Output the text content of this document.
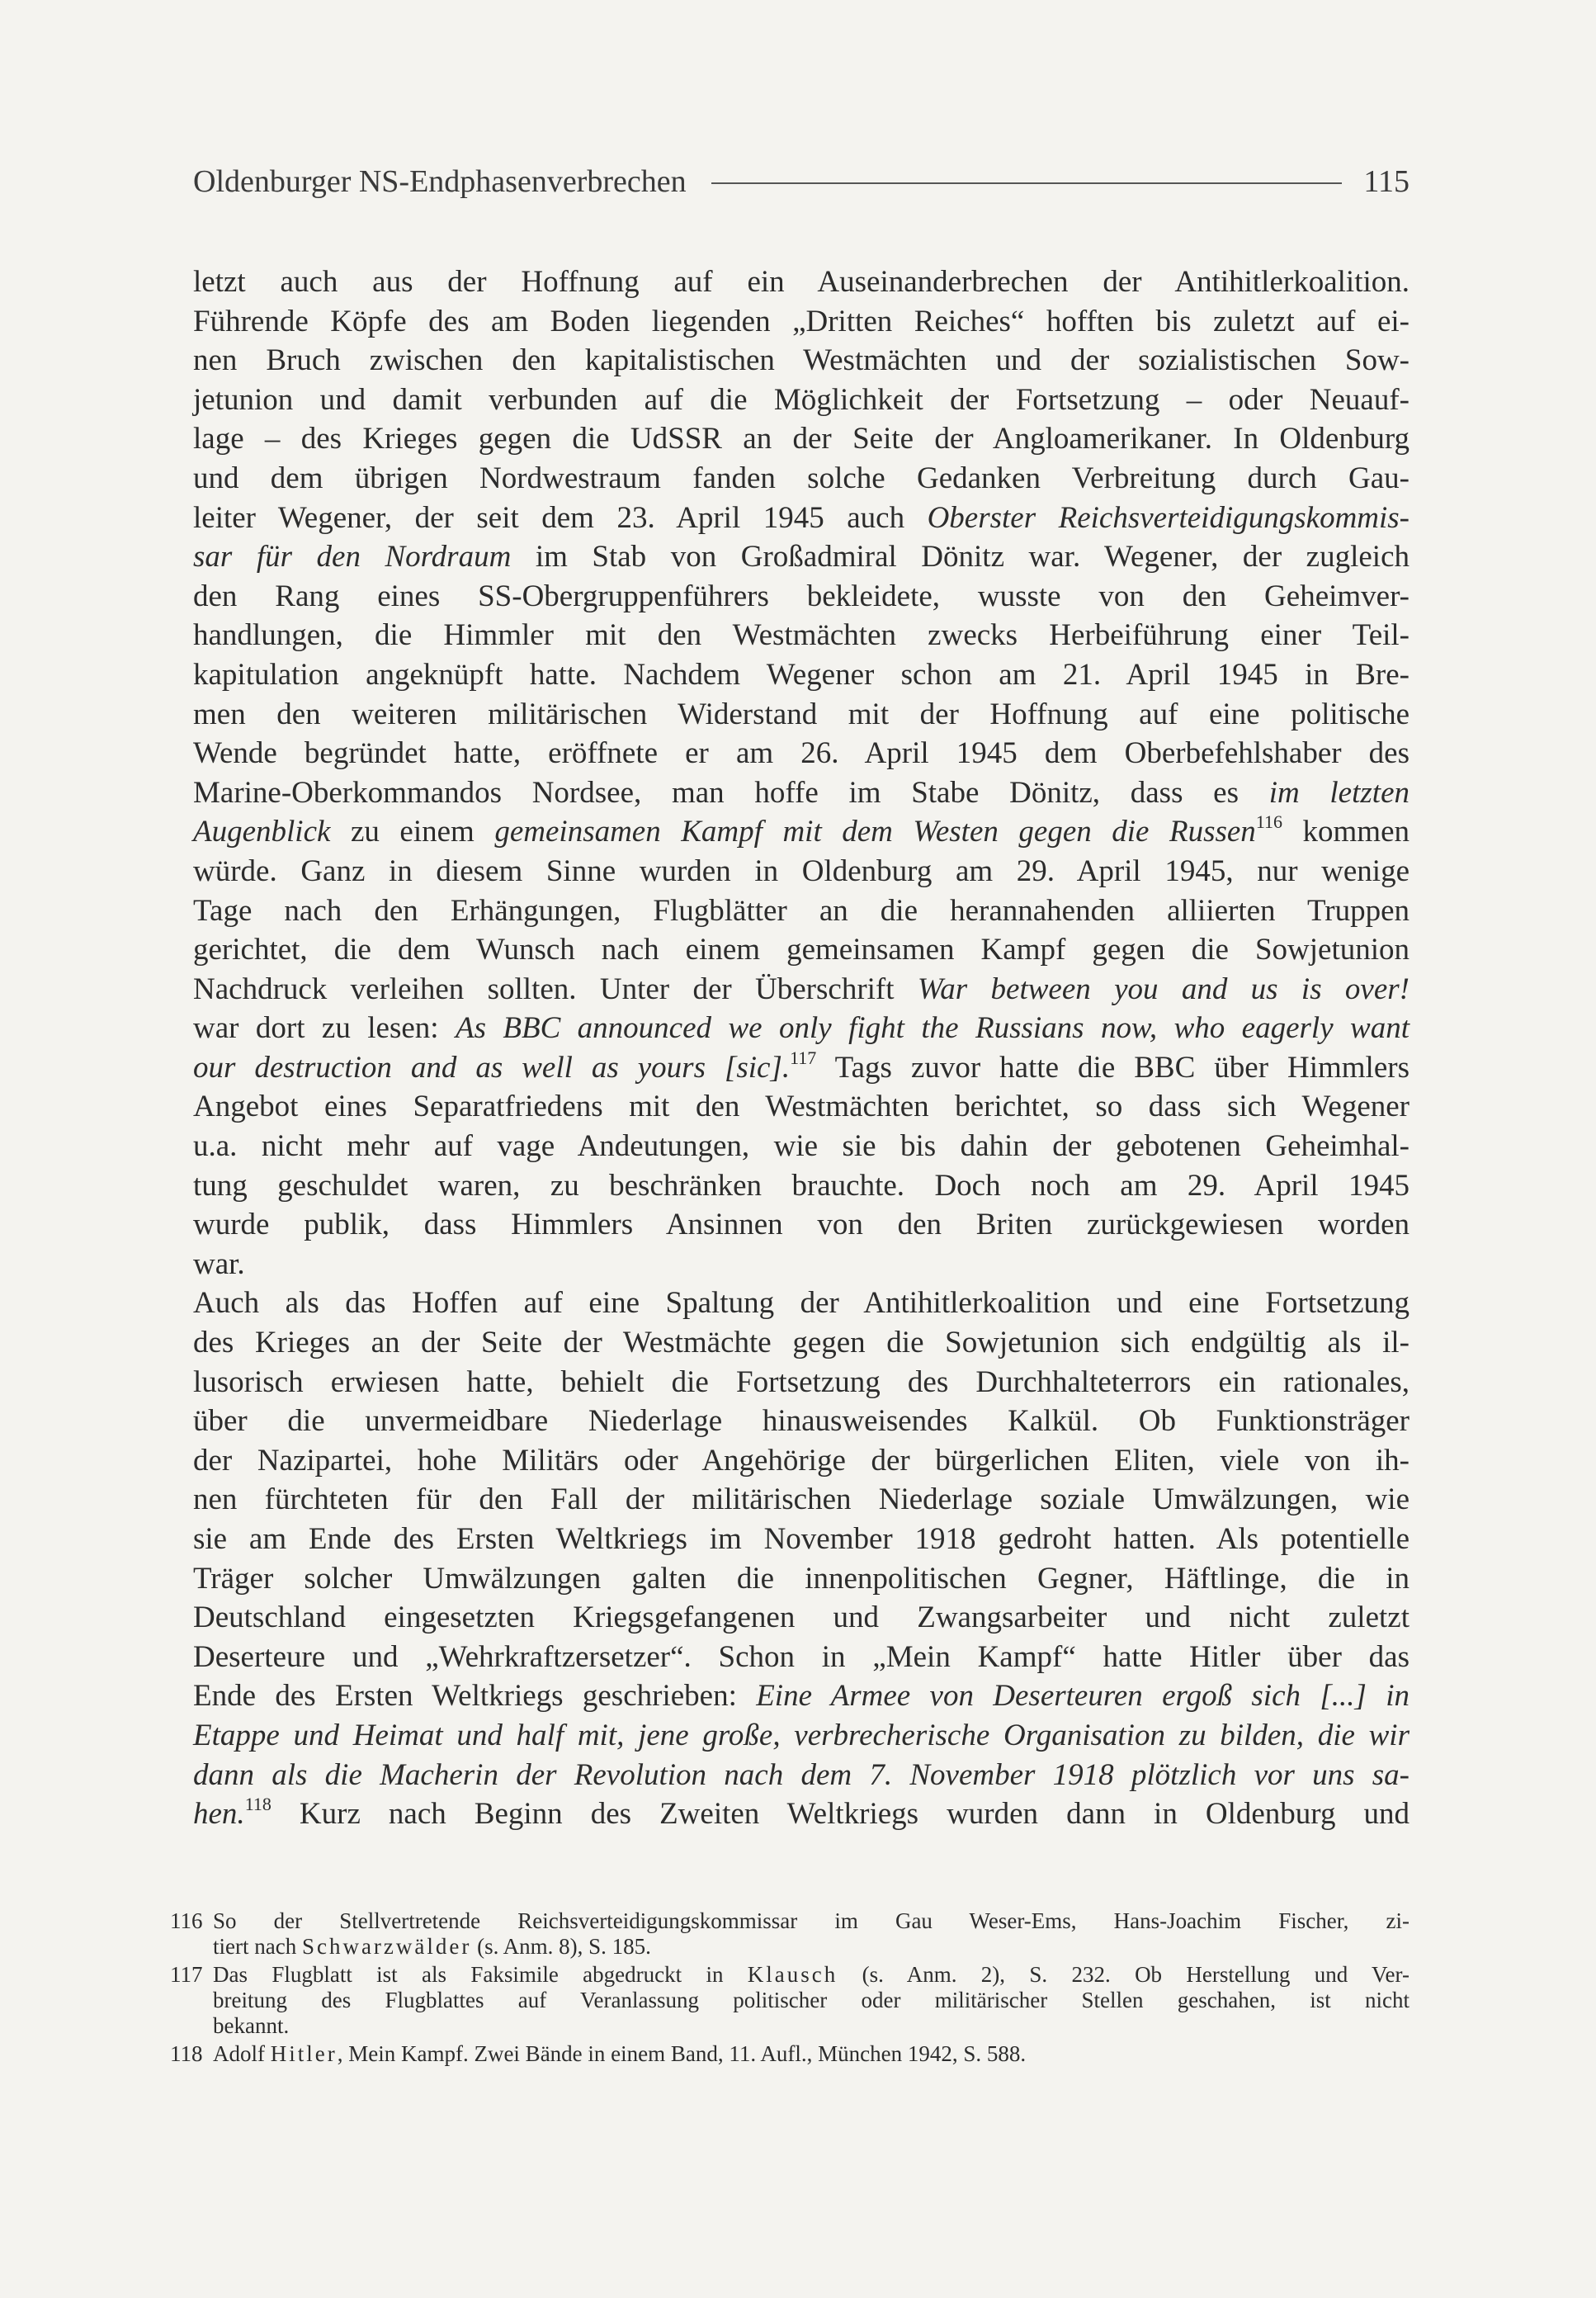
Oldenburger NS-Endphasenverbrechen	115
letzt auch aus der Hoffnung auf ein Auseinanderbrechen der Antihitlerkoalition.
Führende Köpfe des am Boden liegenden „Dritten Reiches“ hofften bis zuletzt auf ei-
nen Bruch zwischen den kapitalistischen Westmächten und der sozialistischen Sow-
jetunion und damit verbunden auf die Möglichkeit der Fortsetzung – oder Neuauf-
lage – des Krieges gegen die UdSSR an der Seite der Angloamerikaner. In Oldenburg
und dem übrigen Nordwestraum fanden solche Gedanken Verbreitung durch Gau-
leiter Wegener, der seit dem 23. April 1945 auch Oberster Reichsverteidigungskommis-
sar für den Nordraum im Stab von Großadmiral Dönitz war. Wegener, der zugleich
den Rang eines SS-Obergruppenführers bekleidete, wusste von den Geheimver-
handlungen, die Himmler mit den Westmächten zwecks Herbeiführung einer Teil-
kapitulation angeknüpft hatte. Nachdem Wegener schon am 21. April 1945 in Bre-
men den weiteren militärischen Widerstand mit der Hoffnung auf eine politische
Wende begründet hatte, eröffnete er am 26. April 1945 dem Oberbefehlshaber des
Marine-Oberkommandos Nordsee, man hoffe im Stabe Dönitz, dass es im letzten
Augenblick zu einem gemeinsamen Kampf mit dem Westen gegen die Russen$^{116}$ kommen
würde. Ganz in diesem Sinne wurden in Oldenburg am 29. April 1945, nur wenige
Tage nach den Erhängungen, Flugblätter an die herannahenden alliierten Truppen
gerichtet, die dem Wunsch nach einem gemeinsamen Kampf gegen die Sowjetunion
Nachdruck verleihen sollten. Unter der Überschrift War between you and us is over!
war dort zu lesen: As BBC announced we only fight the Russians now, who eagerly want
our destruction and as well as yours [sic].$^{117}$ Tags zuvor hatte die BBC über Himmlers
Angebot eines Separatfriedens mit den Westmächten berichtet, so dass sich Wegener
u.a. nicht mehr auf vage Andeutungen, wie sie bis dahin der gebotenen Geheimhal-
tung geschuldet waren, zu beschränken brauchte. Doch noch am 29. April 1945
wurde publik, dass Himmlers Ansinnen von den Briten zurückgewiesen worden
war.
Auch als das Hoffen auf eine Spaltung der Antihitlerkoalition und eine Fortsetzung
des Krieges an der Seite der Westmächte gegen die Sowjetunion sich endgültig als il-
lusorisch erwiesen hatte, behielt die Fortsetzung des Durchhalteterrors ein rationales,
über die unvermeidbare Niederlage hinausweisendes Kalkül. Ob Funktionsträger
der Nazipartei, hohe Militärs oder Angehörige der bürgerlichen Eliten, viele von ih-
nen fürchteten für den Fall der militärischen Niederlage soziale Umwälzungen, wie
sie am Ende des Ersten Weltkriegs im November 1918 gedroht hatten. Als potentielle
Träger solcher Umwälzungen galten die innenpolitischen Gegner, Häftlinge, die in
Deutschland eingesetzten Kriegsgefangenen und Zwangsarbeiter und nicht zuletzt
Deserteure und „Wehrkraftzersetzer“. Schon in „Mein Kampf“ hatte Hitler über das
Ende des Ersten Weltkriegs geschrieben: Eine Armee von Deserteuren ergoß sich [...] in
Etappe und Heimat und half mit, jene große, verbrecherische Organisation zu bilden, die wir
dann als die Macherin der Revolution nach dem 7. November 1918 plötzlich vor uns sa-
hen.$^{118}$ Kurz nach Beginn des Zweiten Weltkriegs wurden dann in Oldenburg und
116 So der Stellvertretende Reichsverteidigungskommissar im Gau Weser-Ems, Hans-Joachim Fischer, zi-
tiert nach Schwarzwälder (s. Anm. 8), S. 185.
117 Das Flugblatt ist als Faksimile abgedruckt in Klausch (s. Anm. 2), S. 232. Ob Herstellung und Ver-
breitung des Flugblattes auf Veranlassung politischer oder militärischer Stellen geschahen, ist nicht
bekannt.
118 Adolf Hitler, Mein Kampf. Zwei Bände in einem Band, 11. Aufl., München 1942, S. 588.
